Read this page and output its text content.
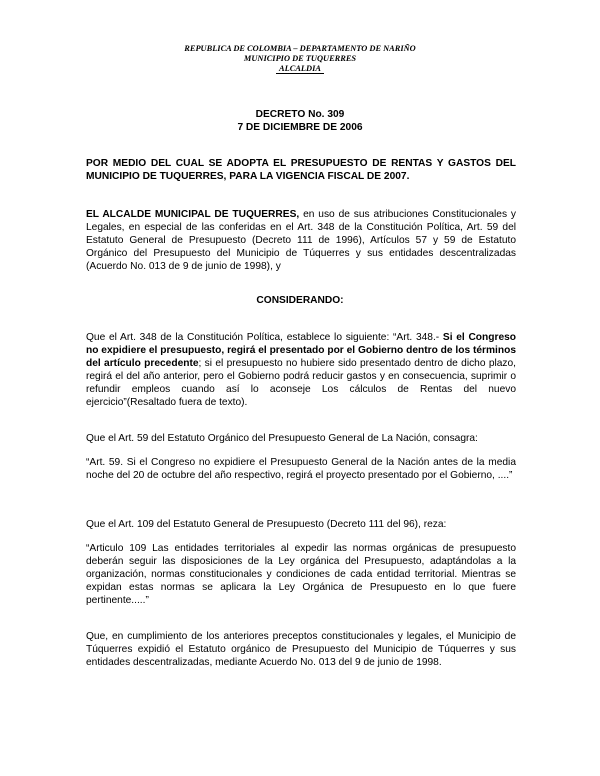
REPUBLICA DE COLOMBIA – DEPARTAMENTO DE NARIÑO
MUNICIPIO DE TUQUERRES
ALCALDIA
DECRETO No. 309
7 DE DICIEMBRE DE 2006
POR MEDIO DEL CUAL SE ADOPTA EL PRESUPUESTO DE RENTAS Y GASTOS DEL MUNICIPIO DE TUQUERRES, PARA LA VIGENCIA FISCAL DE 2007.
EL ALCALDE MUNICIPAL DE TUQUERRES, en uso de sus atribuciones Constitucionales y Legales, en especial de las conferidas en el Art. 348 de la Constitución Política, Art. 59 del Estatuto General de Presupuesto (Decreto 111 de 1996), Artículos 57 y 59 de Estatuto Orgánico del Presupuesto del Municipio de Túquerres y sus entidades descentralizadas (Acuerdo No. 013 de 9 de junio de 1998), y
CONSIDERANDO:
Que el Art. 348 de la Constitución Política, establece lo siguiente: “Art. 348.- Si el Congreso no expidiere el presupuesto, regirá el presentado por el Gobierno dentro de los términos del artículo precedente; si el presupuesto no hubiere sido presentado dentro de dicho plazo, regirá el del año anterior, pero el Gobierno podrá reducir gastos y en consecuencia, suprimir o refundir empleos cuando así lo aconseje Los cálculos de Rentas del nuevo ejercicio”(Resaltado fuera de texto).
Que el Art. 59 del Estatuto Orgánico del Presupuesto General de La Nación, consagra:
“Art. 59. Si el Congreso no expidiere el Presupuesto General de la Nación antes de la media noche del 20 de octubre del año respectivo, regirá el proyecto presentado por el Gobierno, ....”
Que el Art. 109 del Estatuto General de Presupuesto (Decreto 111 del 96), reza:
“Articulo 109 Las entidades territoriales al expedir las normas orgánicas de presupuesto deberán seguir las disposiciones de la Ley orgánica del Presupuesto, adaptándolas a la organización, normas constitucionales y condiciones de cada entidad territorial. Mientras se expidan estas normas se aplicara la Ley Orgánica de Presupuesto en lo que fuere pertinente.....”
Que, en cumplimiento de los anteriores preceptos constitucionales y legales, el Municipio de Túquerres expidió el Estatuto orgánico de Presupuesto del Municipio de Túquerres y sus entidades descentralizadas, mediante Acuerdo No. 013 del 9 de junio de 1998.
